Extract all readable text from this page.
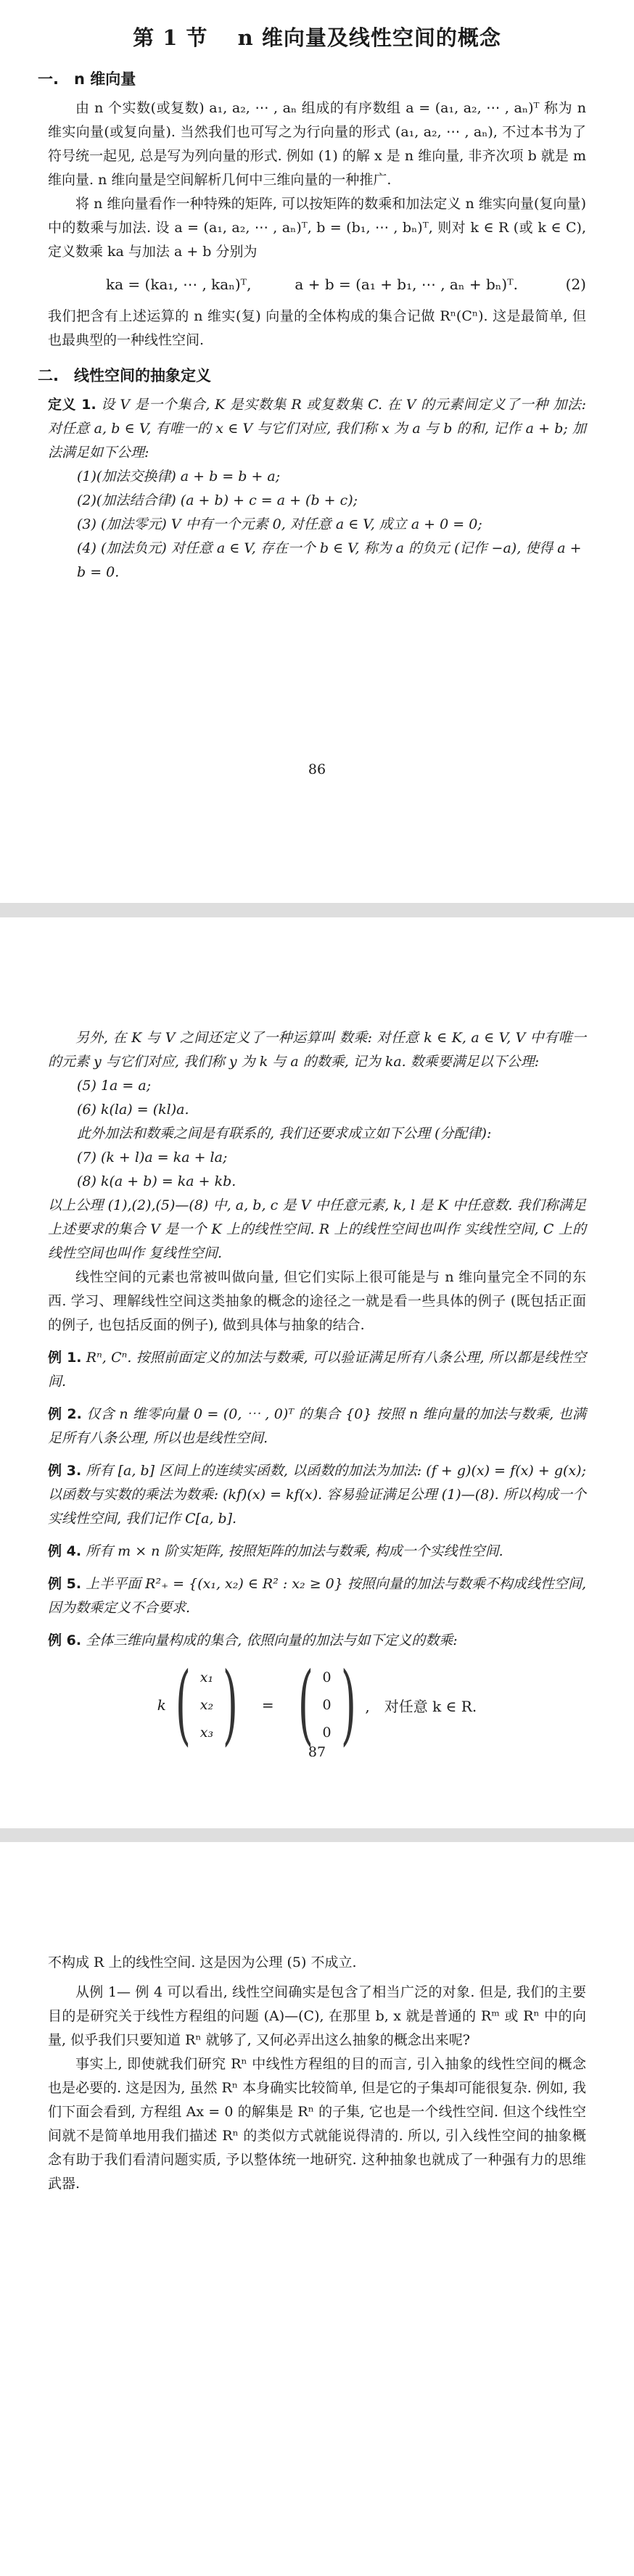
第 1 节　 n 维向量及线性空间的概念
一.　n 维向量

由 n 个实数(或复数) a₁, a₂, ⋯ , aₙ 组成的有序数组 a = (a₁, a₂, ⋯ , aₙ)ᵀ 称为 n 维实向量(或复向量). 当然我们也可写之为行向量的形式 (a₁, a₂, ⋯ , aₙ), 不过本书为了符号统一起见, 总是写为列向量的形式. 例如 (1) 的解 x 是 n 维向量, 非齐次项 b 就是 m 维向量. n 维向量是空间解析几何中三维向量的一种推广.

将 n 维向量看作一种特殊的矩阵, 可以按矩阵的数乘和加法定义 n 维实向量(复向量) 中的数乘与加法. 设 a = (a₁, a₂, ⋯ , aₙ)ᵀ, b = (b₁, ⋯ , bₙ)ᵀ, 则对 k ∈ R (或 k ∈ C), 定义数乘 ka 与加法 a + b 分别为

ka = (ka₁, ⋯ , kaₙ)ᵀ,　　　a + b = (a₁ + b₁, ⋯ , aₙ + bₙ)ᵀ.	(2)

我们把含有上述运算的 n 维实(复) 向量的全体构成的集合记做 Rⁿ(Cⁿ). 这是最简单, 但也最典型的一种线性空间.

二.　线性空间的抽象定义

定义 1. 设 V 是一个集合, K 是实数集 R 或复数集 C. 在 V 的元素间定义了一种 加法: 对任意 a, b ∈ V, 有唯一的 x ∈ V 与它们对应, 我们称 x 为 a 与 b 的和, 记作 a + b; 加法满足如下公理:

(1)(加法交换律) a + b = b + a;
(2)(加法结合律) (a + b) + c = a + (b + c);
(3) (加法零元) V 中有一个元素 0, 对任意 a ∈ V, 成立 a + 0 = 0;
(4) (加法负元) 对任意 a ∈ V, 存在一个 b ∈ V, 称为 a 的负元 (记作 −a), 使得 a + b = 0.
86

另外, 在 K 与 V 之间还定义了一种运算叫 数乘: 对任意 k ∈ K, a ∈ V, V 中有唯一的元素 y 与它们对应, 我们称 y 为 k 与 a 的数乘, 记为 ka. 数乘要满足以下公理:

(5) 1a = a;
(6) k(la) = (kl)a.

此外加法和数乘之间是有联系的, 我们还要求成立如下公理 (分配律):

(7) (k + l)a = ka + la;
(8) k(a + b) = ka + kb.

以上公理 (1),(2),(5)—(8) 中, a, b, c 是 V 中任意元素, k, l 是 K 中任意数. 我们称满足上述要求的集合 V 是一个 K 上的线性空间. R 上的线性空间也叫作 实线性空间, C 上的线性空间也叫作 复线性空间.

线性空间的元素也常被叫做向量, 但它们实际上很可能是与 n 维向量完全不同的东西. 学习、理解线性空间这类抽象的概念的途径之一就是看一些具体的例子 (既包括正面的例子, 也包括反面的例子), 做到具体与抽象的结合.

例 1. Rⁿ, Cⁿ. 按照前面定义的加法与数乘, 可以验证满足所有八条公理, 所以都是线性空间.

例 2. 仅含 n 维零向量 0 = (0, ⋯ , 0)ᵀ 的集合 {0} 按照 n 维向量的加法与数乘, 也满足所有八条公理, 所以也是线性空间.

例 3. 所有 [a, b] 区间上的连续实函数, 以函数的加法为加法: (f + g)(x) = f(x) + g(x); 以函数与实数的乘法为数乘: (kf)(x) = kf(x). 容易验证满足公理 (1)—(8). 所以构成一个实线性空间, 我们记作 C[a, b].

例 4. 所有 m × n 阶实矩阵, 按照矩阵的加法与数乘, 构成一个实线性空间.

例 5. 上半平面 R²₊ = {(x₁, x₂) ∈ R² : x₂ ≥ 0} 按照向量的加法与数乘不构成线性空间, 因为数乘定义不合要求.

例 6. 全体三维向量构成的集合, 依照向量的加法与如下定义的数乘:

k ( x₁
x₂
x₃ ) = ( 0
0
0 ) ,　对任意 k ∈ R.
87

不构成 R 上的线性空间. 这是因为公理 (5) 不成立.

从例 1— 例 4 可以看出, 线性空间确实是包含了相当广泛的对象. 但是, 我们的主要目的是研究关于线性方程组的问题 (A)—(C), 在那里 b, x 就是普通的 Rᵐ 或 Rⁿ 中的向量, 似乎我们只要知道 Rⁿ 就够了, 又何必弄出这么抽象的概念出来呢?

事实上, 即使就我们研究 Rⁿ 中线性方程组的目的而言, 引入抽象的线性空间的概念也是必要的. 这是因为, 虽然 Rⁿ 本身确实比较简单, 但是它的子集却可能很复杂. 例如, 我们下面会看到, 方程组 Ax = 0 的解集是 Rⁿ 的子集, 它也是一个线性空间. 但这个线性空间就不是简单地用我们描述 Rⁿ 的类似方式就能说得清的. 所以, 引入线性空间的抽象概念有助于我们看清问题实质, 予以整体统一地研究. 这种抽象也就成了一种强有力的思维武器.
